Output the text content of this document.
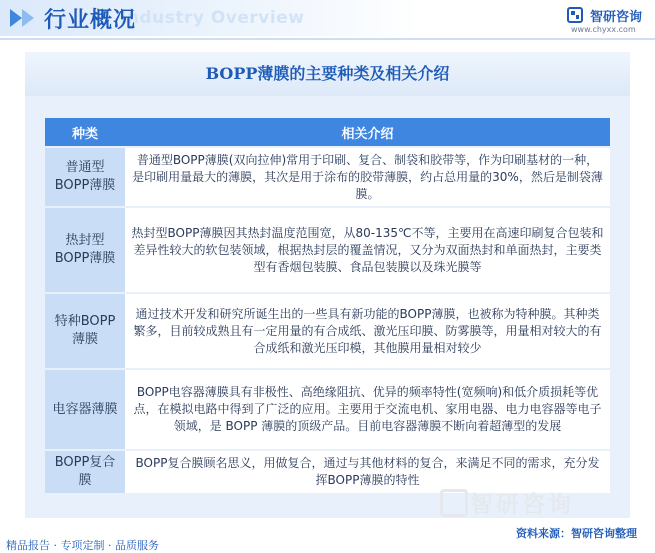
Industry Overview
行业概况	智研咨询
www.chyxx.com
BOPP薄膜的主要种类及相关介绍
种类	相关介绍
普通型BOPP薄膜	普通型BOPP薄膜(双向拉伸)常用于印刷、复合、制袋和胶带等，作为印刷基材的一种，是印刷用量最大的薄膜，其次是用于涂布的胶带薄膜，约占总用量的30%，然后是制袋薄膜。
热封型BOPP薄膜	热封型BOPP薄膜因其热封温度范围宽，从80-135℃不等，主要用在高速印刷复合包装和差异性较大的软包装领域，根据热封层的覆盖情况，又分为双面热封和单面热封，主要类型有香烟包装膜、食品包装膜以及珠光膜等
特种BOPP薄膜	通过技术开发和研究所诞生出的一些具有新功能的BOPP薄膜，也被称为特种膜。其种类繁多，目前较成熟且有一定用量的有合成纸、激光压印膜、防雾膜等，用量相对较大的有合成纸和激光压印模，其他膜用量相对较少
电容器薄膜	BOPP电容器薄膜具有非极性、高绝缘阻抗、优异的频率特性(宽频响)和低介质损耗等优点，在模拟电路中得到了广泛的应用。主要用于交流电机、家用电器、电力电容器等电子领域，是 BOPP 薄膜的顶级产品。目前电容器薄膜不断向着超薄型的发展
BOPP复合膜	BOPP复合膜顾名思义，用做复合，通过与其他材料的复合，来满足不同的需求，充分发挥BOPP薄膜的特性
智研咨询
资料来源：智研咨询整理
精品报告 · 专项定制 · 品质服务
